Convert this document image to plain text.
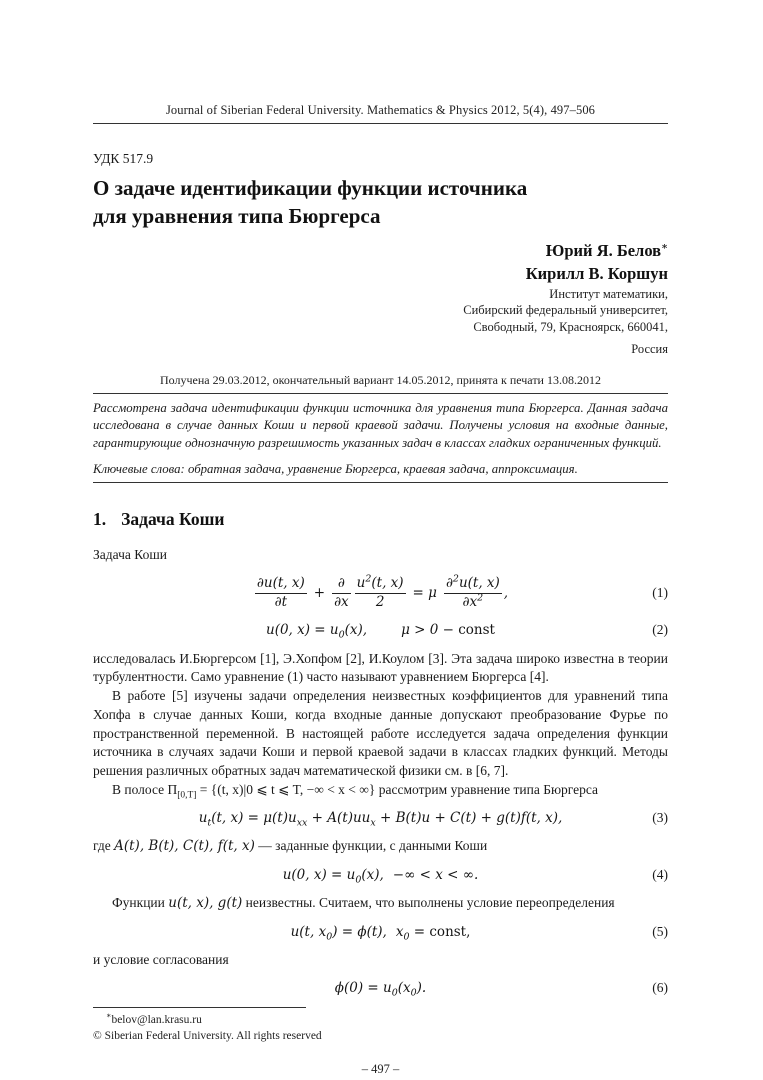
Journal of Siberian Federal University. Mathematics & Physics 2012, 5(4), 497–506
УДК 517.9
О задаче идентификации функции источника
для уравнения типа Бюргерса
Юрий Я. Белов∗
Кирилл В. Коршун
Институт математики,
Сибирский федеральный университет,
Свободный, 79, Красноярск, 660041,
Россия
Получена 29.03.2012, окончательный вариант 14.05.2012, принята к печати 13.08.2012
Рассмотрена задача идентификации функции источника для уравнения типа Бюргерса. Данная задача исследована в случае данных Коши и первой краевой задачи. Получены условия на входные данные, гарантирующие однозначную разрешимость указанных задач в классах гладких ограниченных функций.
Ключевые слова: обратная задача, уравнение Бюргерса, краевая задача, аппроксимация.
1. Задача Коши
Задача Коши
$\frac{\partial u(t, x)}{\partial t} + \frac{\partial}{\partial x} \frac{u^2(t, x)}{2} = \mu \frac{\partial^2u(t, x)}{\partial x^2}$ ,	(1)
u(0, $x) = u_0(x)$,	μ > 0 − const	(2)

исследовалась И.Бюргерсом [1], Э.Хопфом [2], И.Коулом [3]. Эта задача широко известна в теории турбулентности. Само уравнение (1) часто называют уравнением Бюргерса [4].

В работе [5] изучены задачи определения неизвестных коэффициентов для уравнений типа Хопфа в случае данных Коши, когда входные данные допускают преобразование Фурье по пространственной переменной. В настоящей работе исследуется задача определения функции источника в случаях задачи Коши и первой краевой задачи в классах гладких функций. Методы решения различных обратных задач математической физики см. в [6, 7].

В полосе $\Pi_{[0,T]} = \{(t$, x)|0 ⩽ t ⩽ T, −∞ < x < ∞} рассмотрим уравнение типа Бюргерса

$u_t(t$, $x) = \mu(t)u_{xx} + A(t)uu_x + B(t)u + C(t) + g(t)f(t$, x),	(3)

где A(t), B(t), C(t), f(t, x) — заданные функции, с данными Коши

u(0, $x) = u_0(x)$, −∞ < x < ∞.	(4)

Функции u(t, x), g(t) неизвестны. Считаем, что выполнены условие переопределения

u(t, $x_0) = \phi(t)$, $x_0$ = const,	(5)

и условие согласования

$\phi(0) = u_0(x_0)$.	(6)
∗belov@lan.krasu.ru
© Siberian Federal University. All rights reserved
– 497 –
